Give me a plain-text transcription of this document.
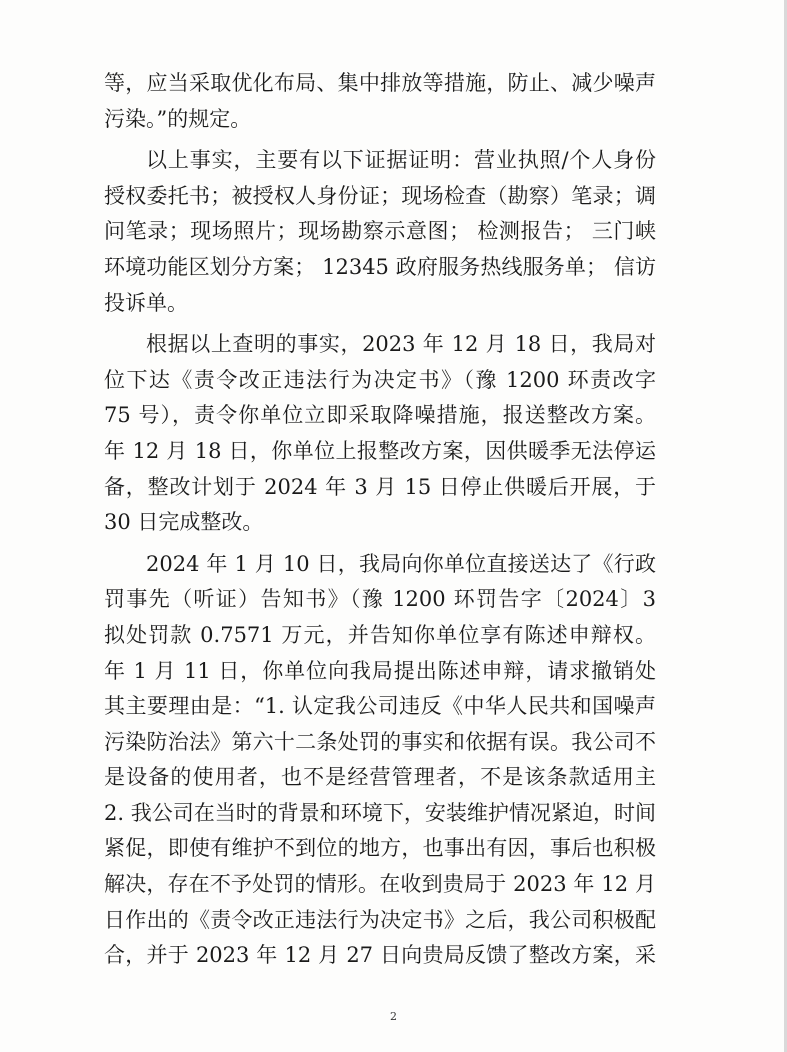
等，应当采取优化布局、集中排放等措施，防止、减少噪声
污染。”的规定。
以上事实，主要有以下证据证明：营业执照/个人身份
授权委托书；被授权人身份证；现场检查（勘察）笔录；调
问笔录；现场照片；现场勘察示意图； 检测报告； 三门峡
环境功能区划分方案； 12345 政府服务热线服务单； 信访
投诉单。
根据以上查明的事实，2023 年 12 月 18 日，我局对
位下达《责令改正违法行为决定书》（豫 1200 环责改字
75 号），责令你单位立即采取降噪措施，报送整改方案。
年 12 月 18 日，你单位上报整改方案，因供暖季无法停运
备，整改计划于 2024 年 3 月 15 日停止供暖后开展，于
30 日完成整改。
2024 年 1 月 10 日，我局向你单位直接送达了《行政
罚事先（听证）告知书》（豫 1200 环罚告字〔2024〕3
拟处罚款 0.7571 万元，并告知你单位享有陈述申辩权。
年 1 月 11 日，你单位向我局提出陈述申辩，请求撤销处
其主要理由是：“1. 认定我公司违反《中华人民共和国噪声
污染防治法》第六十二条处罚的事实和依据有误。我公司不
是设备的使用者，也不是经营管理者，不是该条款适用主
2. 我公司在当时的背景和环境下，安装维护情况紧迫，时间
紧促，即使有维护不到位的地方，也事出有因，事后也积极
解决，存在不予处罚的情形。在收到贵局于 2023 年 12 月
日作出的《责令改正违法行为决定书》之后，我公司积极配
合，并于 2023 年 12 月 27 日向贵局反馈了整改方案，采
2
